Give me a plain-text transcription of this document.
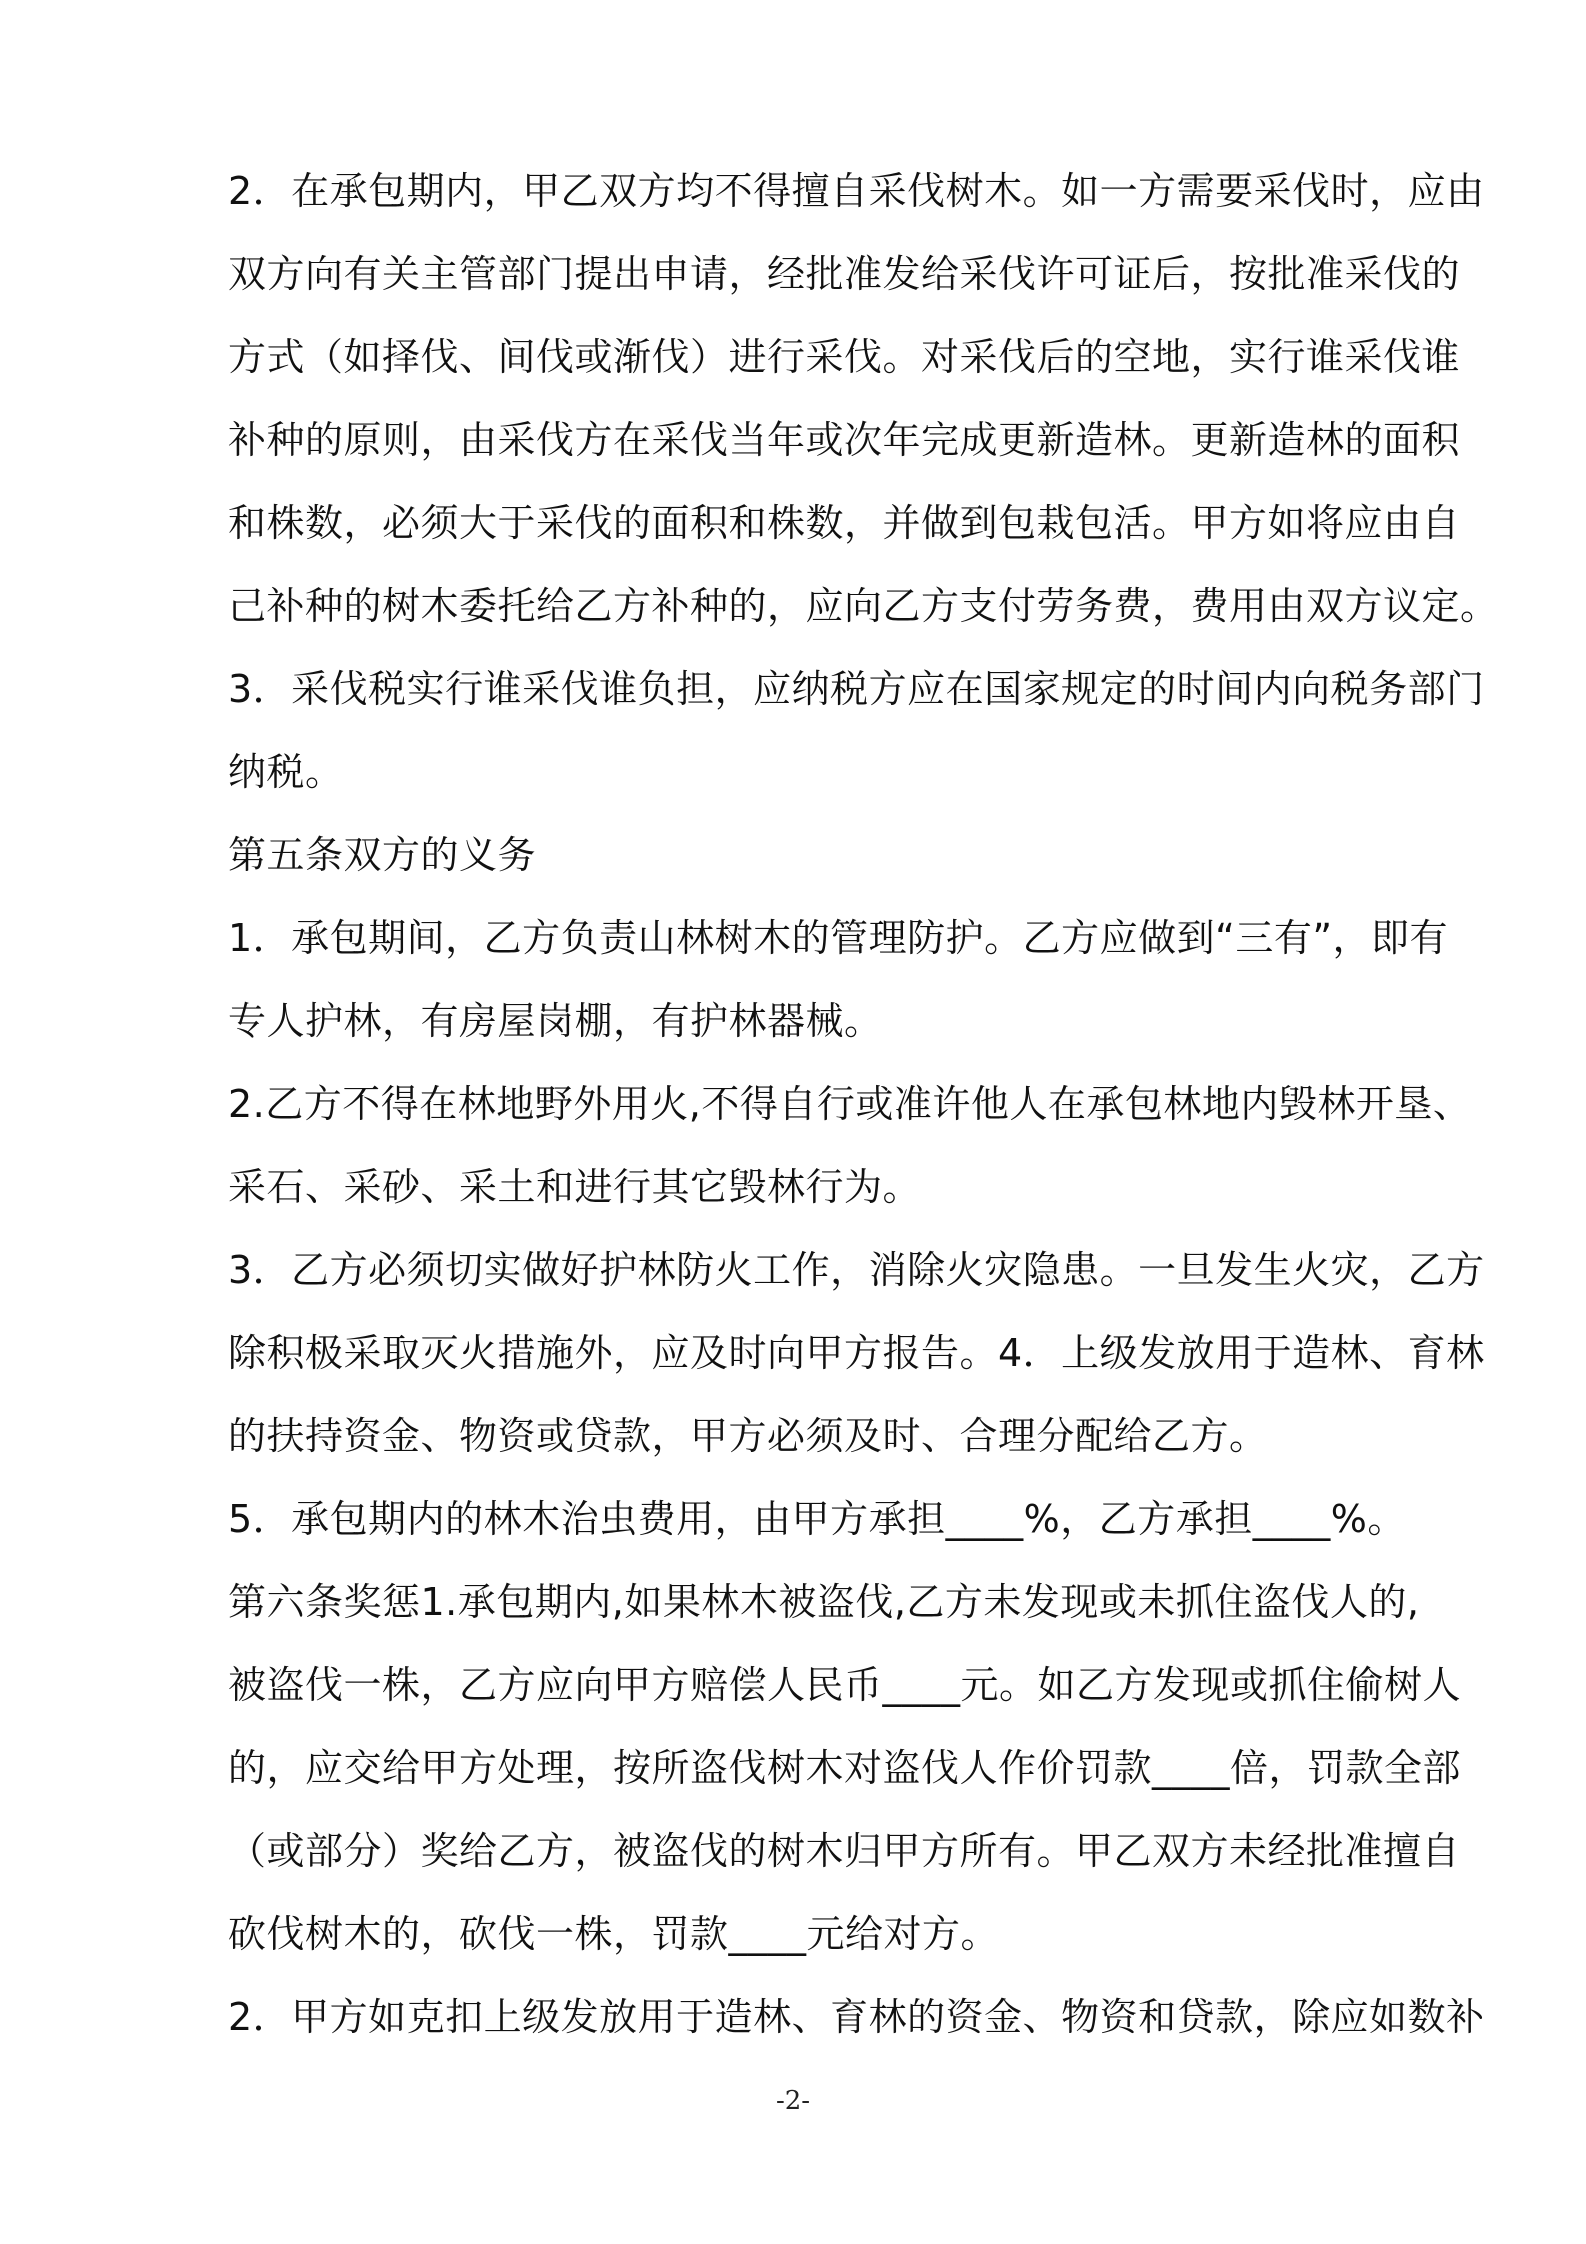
2．在承包期内，甲乙双方均不得擅自采伐树木。如一方需要采伐时，应由
双方向有关主管部门提出申请，经批准发给采伐许可证后，按批准采伐的
方式（如择伐、间伐或渐伐）进行采伐。对采伐后的空地，实行谁采伐谁
补种的原则，由采伐方在采伐当年或次年完成更新造林。更新造林的面积
和株数，必须大于采伐的面积和株数，并做到包栽包活。甲方如将应由自
己补种的树木委托给乙方补种的，应向乙方支付劳务费，费用由双方议定。
3．采伐税实行谁采伐谁负担，应纳税方应在国家规定的时间内向税务部门
纳税。
第五条双方的义务
1．承包期间，乙方负责山林树木的管理防护。乙方应做到“三有”，即有
专人护林，有房屋岗棚，有护林器械。
2.乙方不得在林地野外用火,不得自行或准许他人在承包林地内毁林开垦、
采石、采砂、采土和进行其它毁林行为。
3．乙方必须切实做好护林防火工作，消除火灾隐患。一旦发生火灾，乙方
除积极采取灭火措施外，应及时向甲方报告。4．上级发放用于造林、育林
的扶持资金、物资或贷款，甲方必须及时、合理分配给乙方。
5．承包期内的林木治虫费用，由甲方承担____%，乙方承担____%。
第六条奖惩1.承包期内,如果林木被盗伐,乙方未发现或未抓住盗伐人的,
被盗伐一株，乙方应向甲方赔偿人民币____元。如乙方发现或抓住偷树人
的，应交给甲方处理，按所盗伐树木对盗伐人作价罚款____倍，罚款全部
（或部分）奖给乙方，被盗伐的树木归甲方所有。甲乙双方未经批准擅自
砍伐树木的，砍伐一株，罚款____元给对方。
2．甲方如克扣上级发放用于造林、育林的资金、物资和贷款，除应如数补
-2-
